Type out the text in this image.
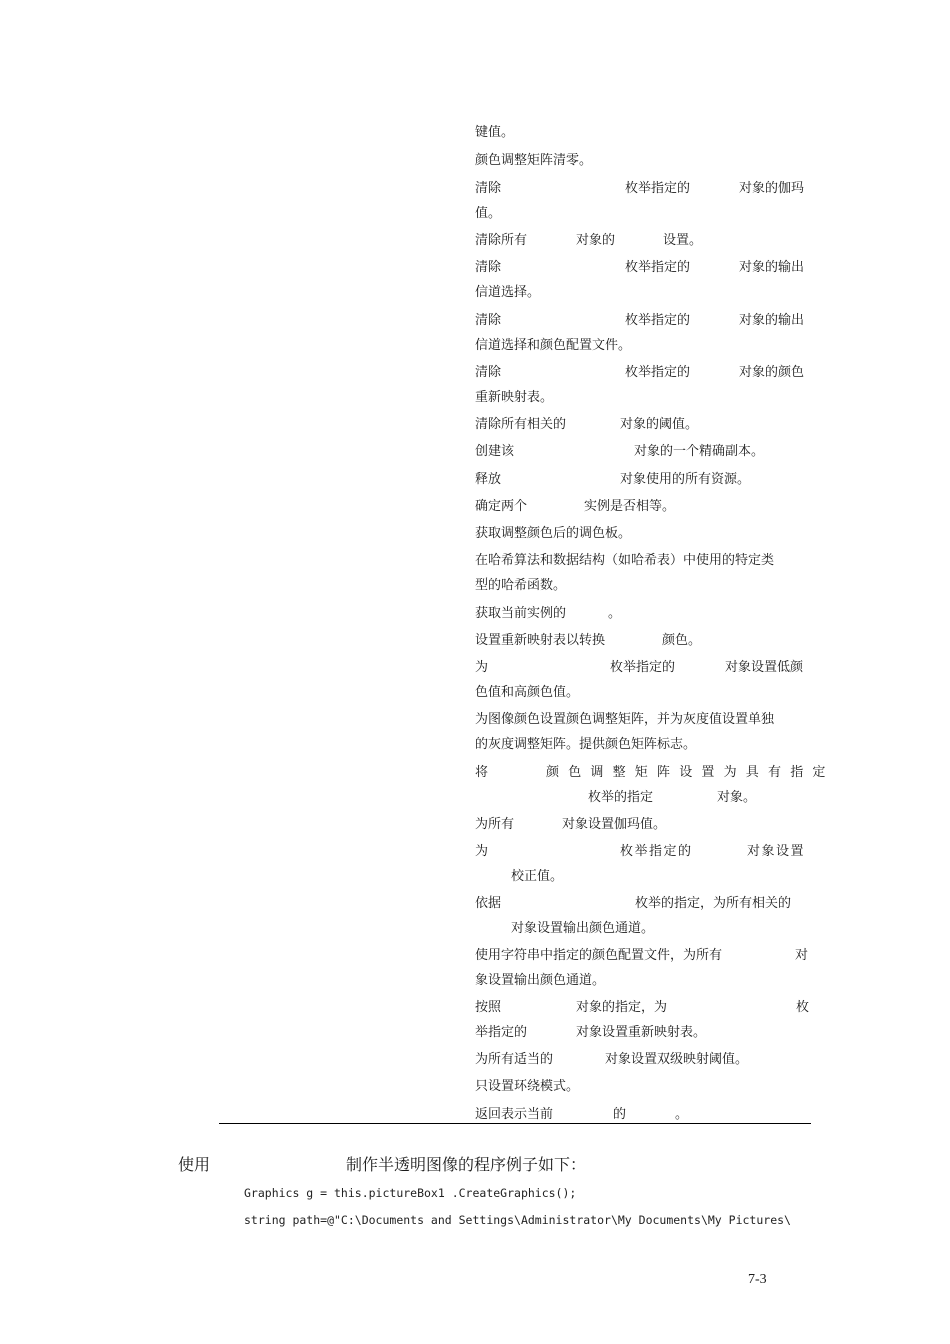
键值。
颜色调整矩阵清零。
清除	枚举指定的	对象的伽玛
值。
清除所有	对象的	设置。
清除	枚举指定的	对象的输出
信道选择。
清除	枚举指定的	对象的输出
信道选择和颜色配置文件。
清除	枚举指定的	对象的颜色
重新映射表。
清除所有相关的	对象的阈值。
创建该	对象的一个精确副本。
释放	对象使用的所有资源。
确定两个	实例是否相等。
获取调整颜色后的调色板。
在哈希算法和数据结构（如哈希表）中使用的特定类
型的哈希函数。
获取当前实例的	。
设置重新映射表以转换	颜色。
为	枚举指定的	对象设置低颜
色值和高颜色值。
为图像颜色设置颜色调整矩阵，并为灰度值设置单独
的灰度调整矩阵。提供颜色矩阵标志。
将	颜色调整矩阵设置为具有指定
枚举的指定	对象。
为所有	对象设置伽玛值。
为	枚举指定的	对象设置
校正值。
依据	枚举的指定，为所有相关的
对象设置输出颜色通道。
使用字符串中指定的颜色配置文件，为所有	对
象设置输出颜色通道。
按照	对象的指定，为	枚
举指定的	对象设置重新映射表。
为所有适当的	对象设置双级映射阈值。
只设置环绕模式。
返回表示当前	的	。
使用	制作半透明图像的程序例子如下：
Graphics g = this.pictureBox1 .CreateGraphics();
string path=@"C:\Documents and Settings\Administrator\My Documents\My Pictures\
7-3
